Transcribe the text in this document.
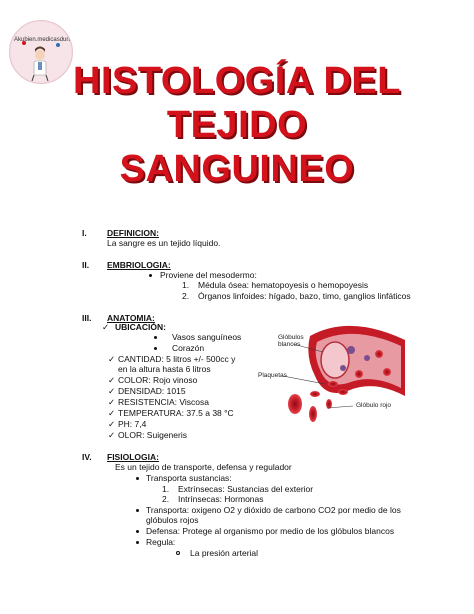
Akubien.medicasdura
HISTOLOGÍA DEL
TEJIDO
SANGUINEO
I. DEFINICION:
La sangre es un tejido líquido.
II. EMBRIOLOGIA:
Proviene del mesodermo:
1. Médula ósea: hematopoyesis o hemopoyesis
2. Órganos linfoides: hígado, bazo, timo, ganglios linfáticos
III. ANATOMIA:
✓ UBICACIÓN:
Vasos sanguíneos
Corazón
✓ CANTIDAD: 5 litros +/- 500cc y
en la altura hasta 6 litros
✓ COLOR: Rojo vinoso
✓ DENSIDAD: 1015
✓ RESISTENCIA: Viscosa
✓ TEMPERATURA: 37.5 a 38 °C
✓ PH: 7,4
✓ OLOR: Suigeneris
Glóbulos
blancos
Plaquetas
Glóbulo rojo
IV. FISIOLOGIA:
Es un tejido de transporte, defensa y regulador
Transporta sustancias:
1. Extrínsecas: Sustancias del exterior
2. Intrínsecas: Hormonas
Transporta: oxigeno O2 y dióxido de carbono CO2 por medio de los
glóbulos rojos
Defensa: Protege al organismo por medio de los glóbulos blancos
Regula:
La presión arterial
